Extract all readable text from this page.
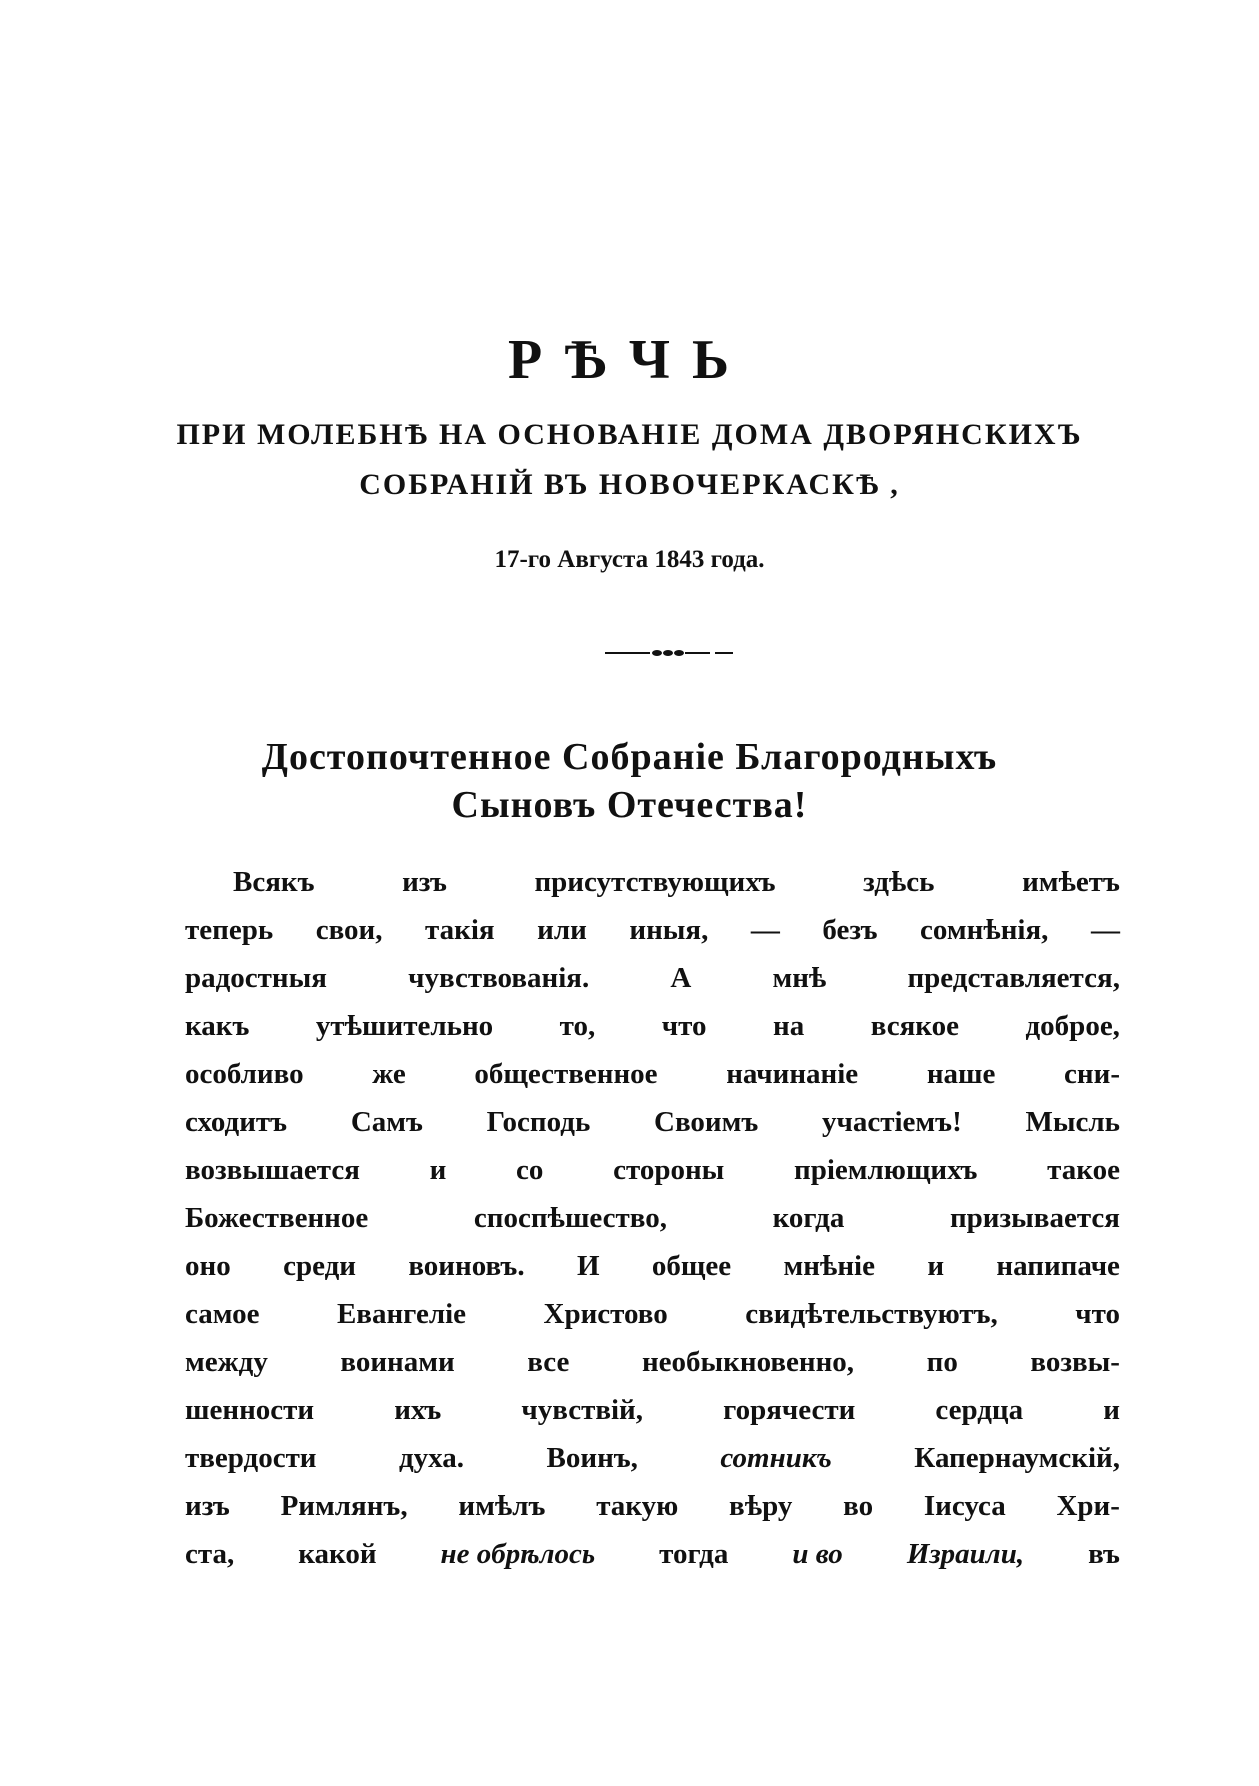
РѢЧЬ
ПРИ МОЛЕБНѢ НА ОСНОВАНІЕ ДОМА ДВОРЯНСКИХЪ
СОБРАНІЙ ВЪ НОВОЧЕРКАСКѢ ,
17-го Августа 1843 года.
Достопочтенное Собраніе Благородныхъ
Сыновъ Отечества!
Всякъ	изъ	присутствующихъ	здѣсь	имѣетъ
теперь свои, такія или иныя, — безъ сомнѣнія, —
радостныя	чувствованія.	А	мнѣ	представляется,
какъ утѣшительно то, что на всякое доброе,
особливо же общественное начинаніе наше сни-
сходитъ Самъ Господь Своимъ участіемъ! Мысль
возвышается и со стороны пріемлющихъ такое
Божественное	споспѣшество,	когда	призывается
оно среди воиновъ. И общее мнѣніе и напипаче
самое	Евангеліе	Христово	свидѣтельствуютъ,	что
между	воинами	все	необыкновенно,	по	возвы-
шенности	ихъ	чувствій,	горячести	сердца	и
твердости	духа.	Воинъ,	сотникъ	Капернаумскій,
изъ Римлянъ, имѣлъ такую вѣру во Іисуса Хри-
ста, какой не обрѣлось тогда и во Израили, въ
